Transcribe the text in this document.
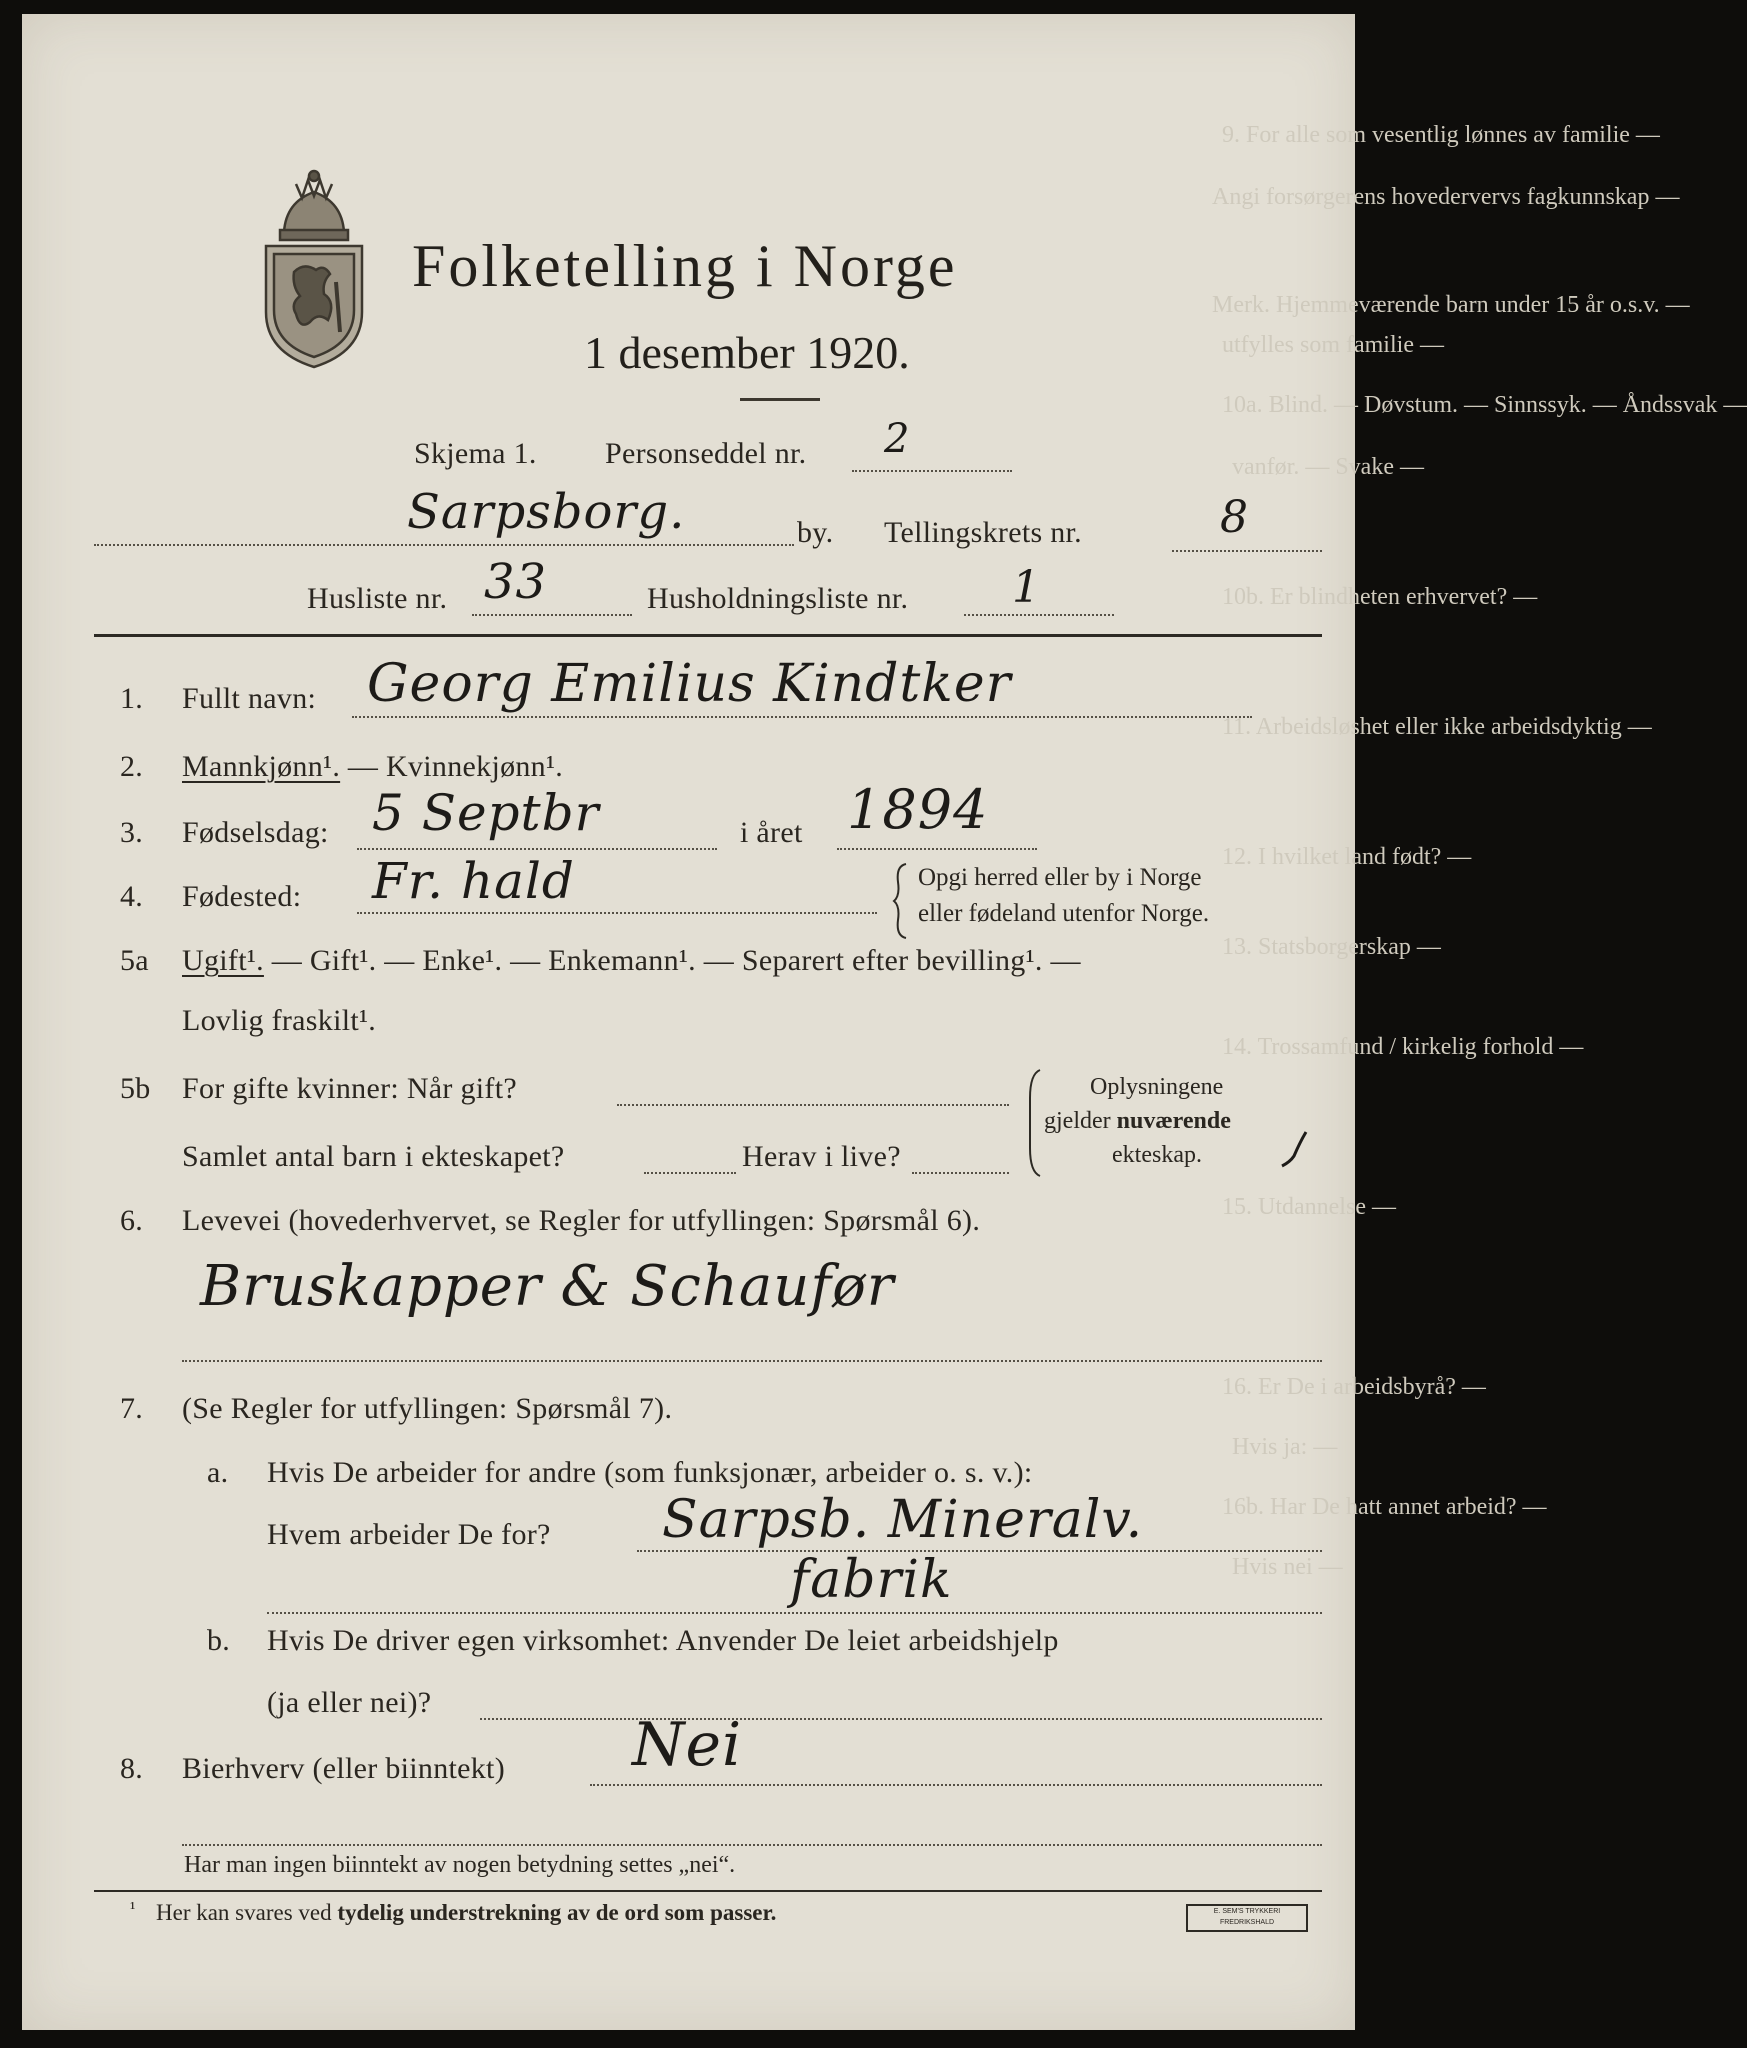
9. For alle som vesentlig lønnes av familie —
Angi forsørgerens hovedervervs fagkunnskap —
Merk. Hjemmeværende barn under 15 år o.s.v. —
utfylles som familie —
10a. Blind. — Døvstum. — Sinnssyk. — Åndssvak —
vanfør. — Svake —
10b. Er blindheten erhvervet? —
11. Arbeidsløshet eller ikke arbeidsdyktig —
12. I hvilket land født? —
13. Statsborgerskap —
14. Trossamfund / kirkelig forhold —
15. Utdannelse —
16. Er De i arbeidsbyrå? —
Hvis ja: —
16b. Har De hatt annet arbeid? —
Hvis nei —
Folketelling i Norge
1 desember 1920.
Skjema 1. Personseddel nr. 2
Sarpsborg.	by. Tellingskrets nr.	8
Husliste nr. 33	Husholdningsliste nr. 1
1. Fullt navn: Georg Emilius Kindtker
2. Mannkjønn¹. — Kvinnekjønn¹.
3. Fødselsdag: 5 Septbr	i året 1894
4. Fødested: Fr. hald	Opgi herred eller by i Norge
eller fødeland utenfor Norge.
5a Ugift¹. — Gift¹. — Enke¹. — Enkemann¹. — Separert efter bevilling¹. —
Lovlig fraskilt¹.
5b For gifte kvinner: Når gift?
Samlet antal barn i ekteskapet?	Herav i live?
Oplysningene
gjelder nuværende
ekteskap.
6. Levevei (hovederhvervet, se Regler for utfyllingen: Spørsmål 6).
Bruskapper & Schaufør
7. (Se Regler for utfyllingen: Spørsmål 7).
a. Hvis De arbeider for andre (som funksjonær, arbeider o. s. v.):
Hvem arbeider De for? Sarpsb. Mineralv.
fabrik
b. Hvis De driver egen virksomhet: Anvender De leiet arbeidshjelp
(ja eller nei)?
8. Bierhverv (eller biinntekt) Nei
Har man ingen biinntekt av nogen betydning settes „nei“.
¹ Her kan svares ved tydelig understrekning av de ord som passer.	E. SEM'S TRYKKERI FREDRIKSHALD
